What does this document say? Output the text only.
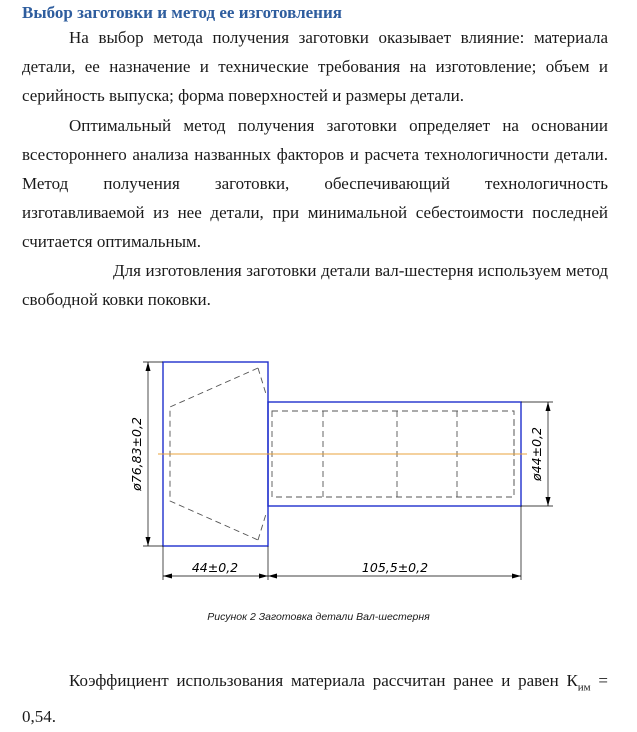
Выбор заготовки и метод ее изготовления
На выбор метода получения заготовки оказывает влияние: материала детали, ее назначение и технические требования на изготовление; объем и серийность выпуска; форма поверхностей и размеры детали.
Оптимальный метод получения заготовки определяет на основании всестороннего анализа названных факторов и расчета технологичности детали. Метод получения заготовки, обеспечивающий технологичность изготавливаемой из нее детали, при минимальной себестоимости последней считается оптимальным.
Для изготовления заготовки детали вал-шестерня используем метод свободной ковки поковки.
ø76,83±0,2	ø44±0,2
44±0,2	105,5±0,2
Рисунок 2 Заготовка детали Вал-шестерня
Коэффициент использования материала рассчитан ранее и равен $К_{им} = 0,54$.
